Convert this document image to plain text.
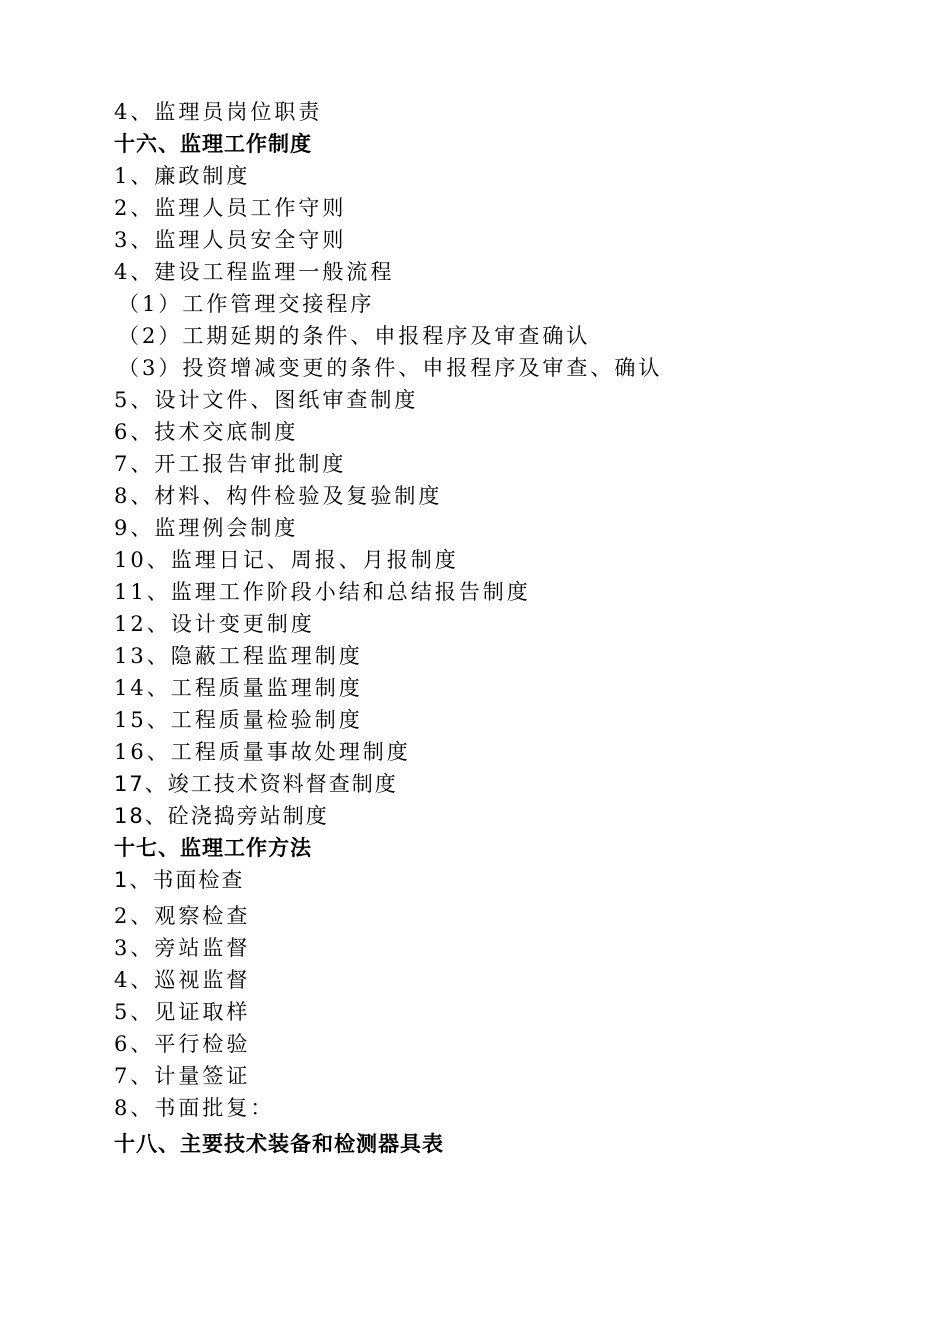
4、监理员岗位职责
十六、监理工作制度
1、廉政制度
2、监理人员工作守则
3、监理人员安全守则
4、建设工程监理一般流程
（1）工作管理交接程序
（2）工期延期的条件、申报程序及审查确认
（3）投资增减变更的条件、申报程序及审查、确认
5、设计文件、图纸审查制度
6、技术交底制度
7、开工报告审批制度
8、材料、构件检验及复验制度
9、监理例会制度
10、监理日记、周报、月报制度
11、监理工作阶段小结和总结报告制度
12、设计变更制度
13、隐蔽工程监理制度
14、工程质量监理制度
15、工程质量检验制度
16、工程质量事故处理制度
17、竣工技术资料督查制度
18、砼浇捣旁站制度
十七、监理工作方法
1、书面检查
2、观察检查
3、旁站监督
4、巡视监督
5、见证取样
6、平行检验
7、计量签证
8、书面批复：
十八、主要技术装备和检测器具表
